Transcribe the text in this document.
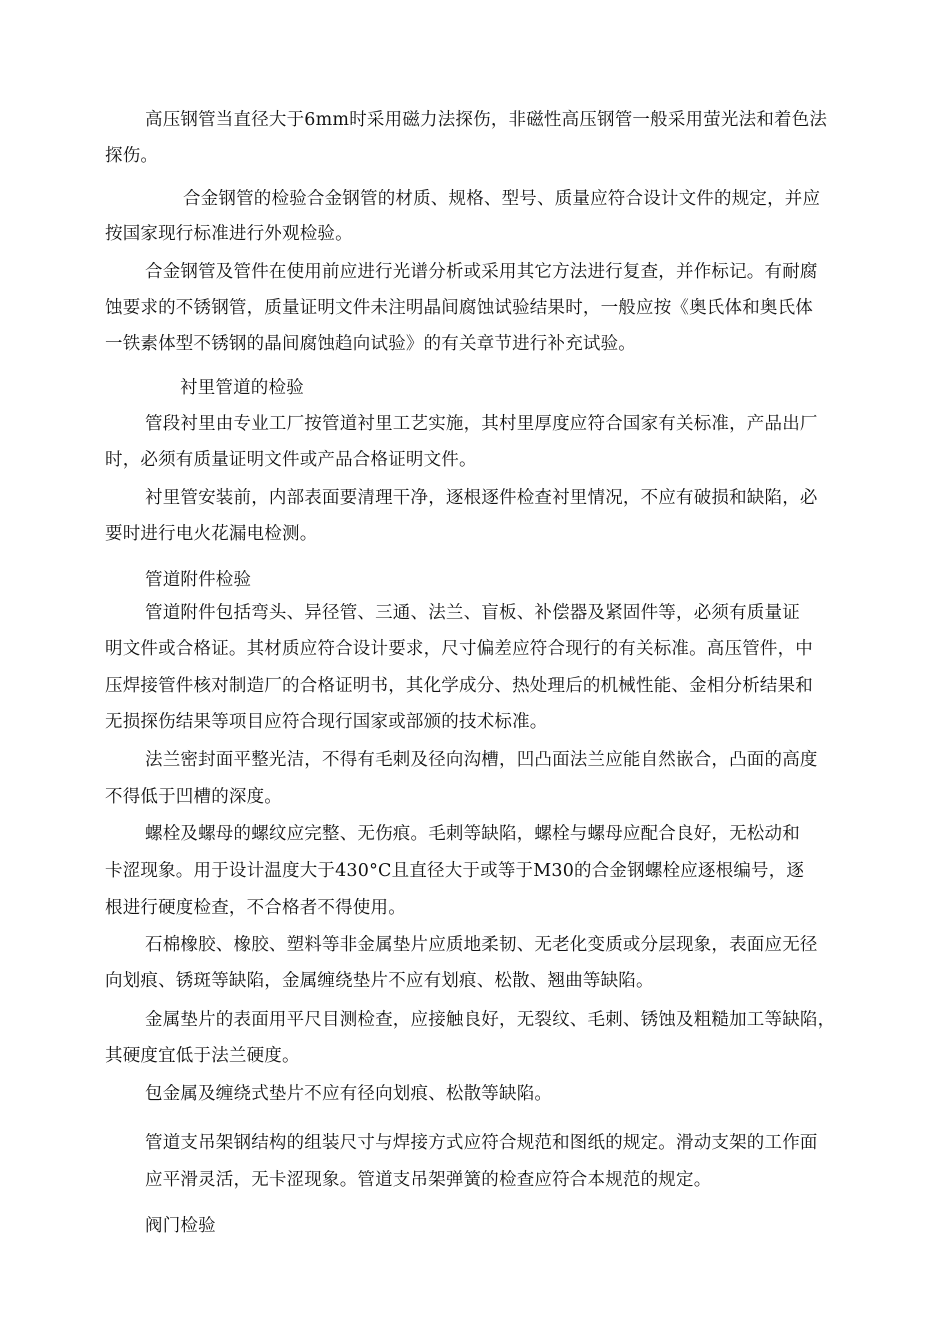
高压钢管当直径大于6mm时采用磁力法探伤，非磁性高压钢管一般采用萤光法和着色法
探伤。
合金钢管的检验合金钢管的材质、规格、型号、质量应符合设计文件的规定，并应
按国家现行标准进行外观检验。
合金钢管及管件在使用前应进行光谱分析或采用其它方法进行复查，并作标记。有耐腐
蚀要求的不锈钢管，质量证明文件未注明晶间腐蚀试验结果时，一般应按《奥氏体和奥氏体
一铁素体型不锈钢的晶间腐蚀趋向试验》的有关章节进行补充试验。
衬里管道的检验
管段衬里由专业工厂按管道衬里工艺实施，其村里厚度应符合国家有关标准，产品出厂
时，必须有质量证明文件或产品合格证明文件。
衬里管安装前，内部表面要清理干净，逐根逐件检查衬里情况，不应有破损和缺陷，必
要时进行电火花漏电检测。
管道附件检验
管道附件包括弯头、异径管、三通、法兰、盲板、补偿器及紧固件等，必须有质量证
明文件或合格证。其材质应符合设计要求，尺寸偏差应符合现行的有关标准。高压管件，中
压焊接管件核对制造厂的合格证明书，其化学成分、热处理后的机械性能、金相分析结果和
无损探伤结果等项目应符合现行国家或部颁的技术标准。
法兰密封面平整光洁，不得有毛刺及径向沟槽，凹凸面法兰应能自然嵌合，凸面的高度
不得低于凹槽的深度。
螺栓及螺母的螺纹应完整、无伤痕。毛刺等缺陷，螺栓与螺母应配合良好，无松动和
卡涩现象。用于设计温度大于430°C且直径大于或等于M30的合金钢螺栓应逐根编号，逐
根进行硬度检查，不合格者不得使用。
石棉橡胶、橡胶、塑料等非金属垫片应质地柔韧、无老化变质或分层现象，表面应无径
向划痕、锈斑等缺陷，金属缠绕垫片不应有划痕、松散、翘曲等缺陷。
金属垫片的表面用平尺目测检查，应接触良好，无裂纹、毛刺、锈蚀及粗糙加工等缺陷，
其硬度宜低于法兰硬度。
包金属及缠绕式垫片不应有径向划痕、松散等缺陷。
管道支吊架钢结构的组装尺寸与焊接方式应符合规范和图纸的规定。滑动支架的工作面
应平滑灵活，无卡涩现象。管道支吊架弹簧的检查应符合本规范的规定。
阀门检验
